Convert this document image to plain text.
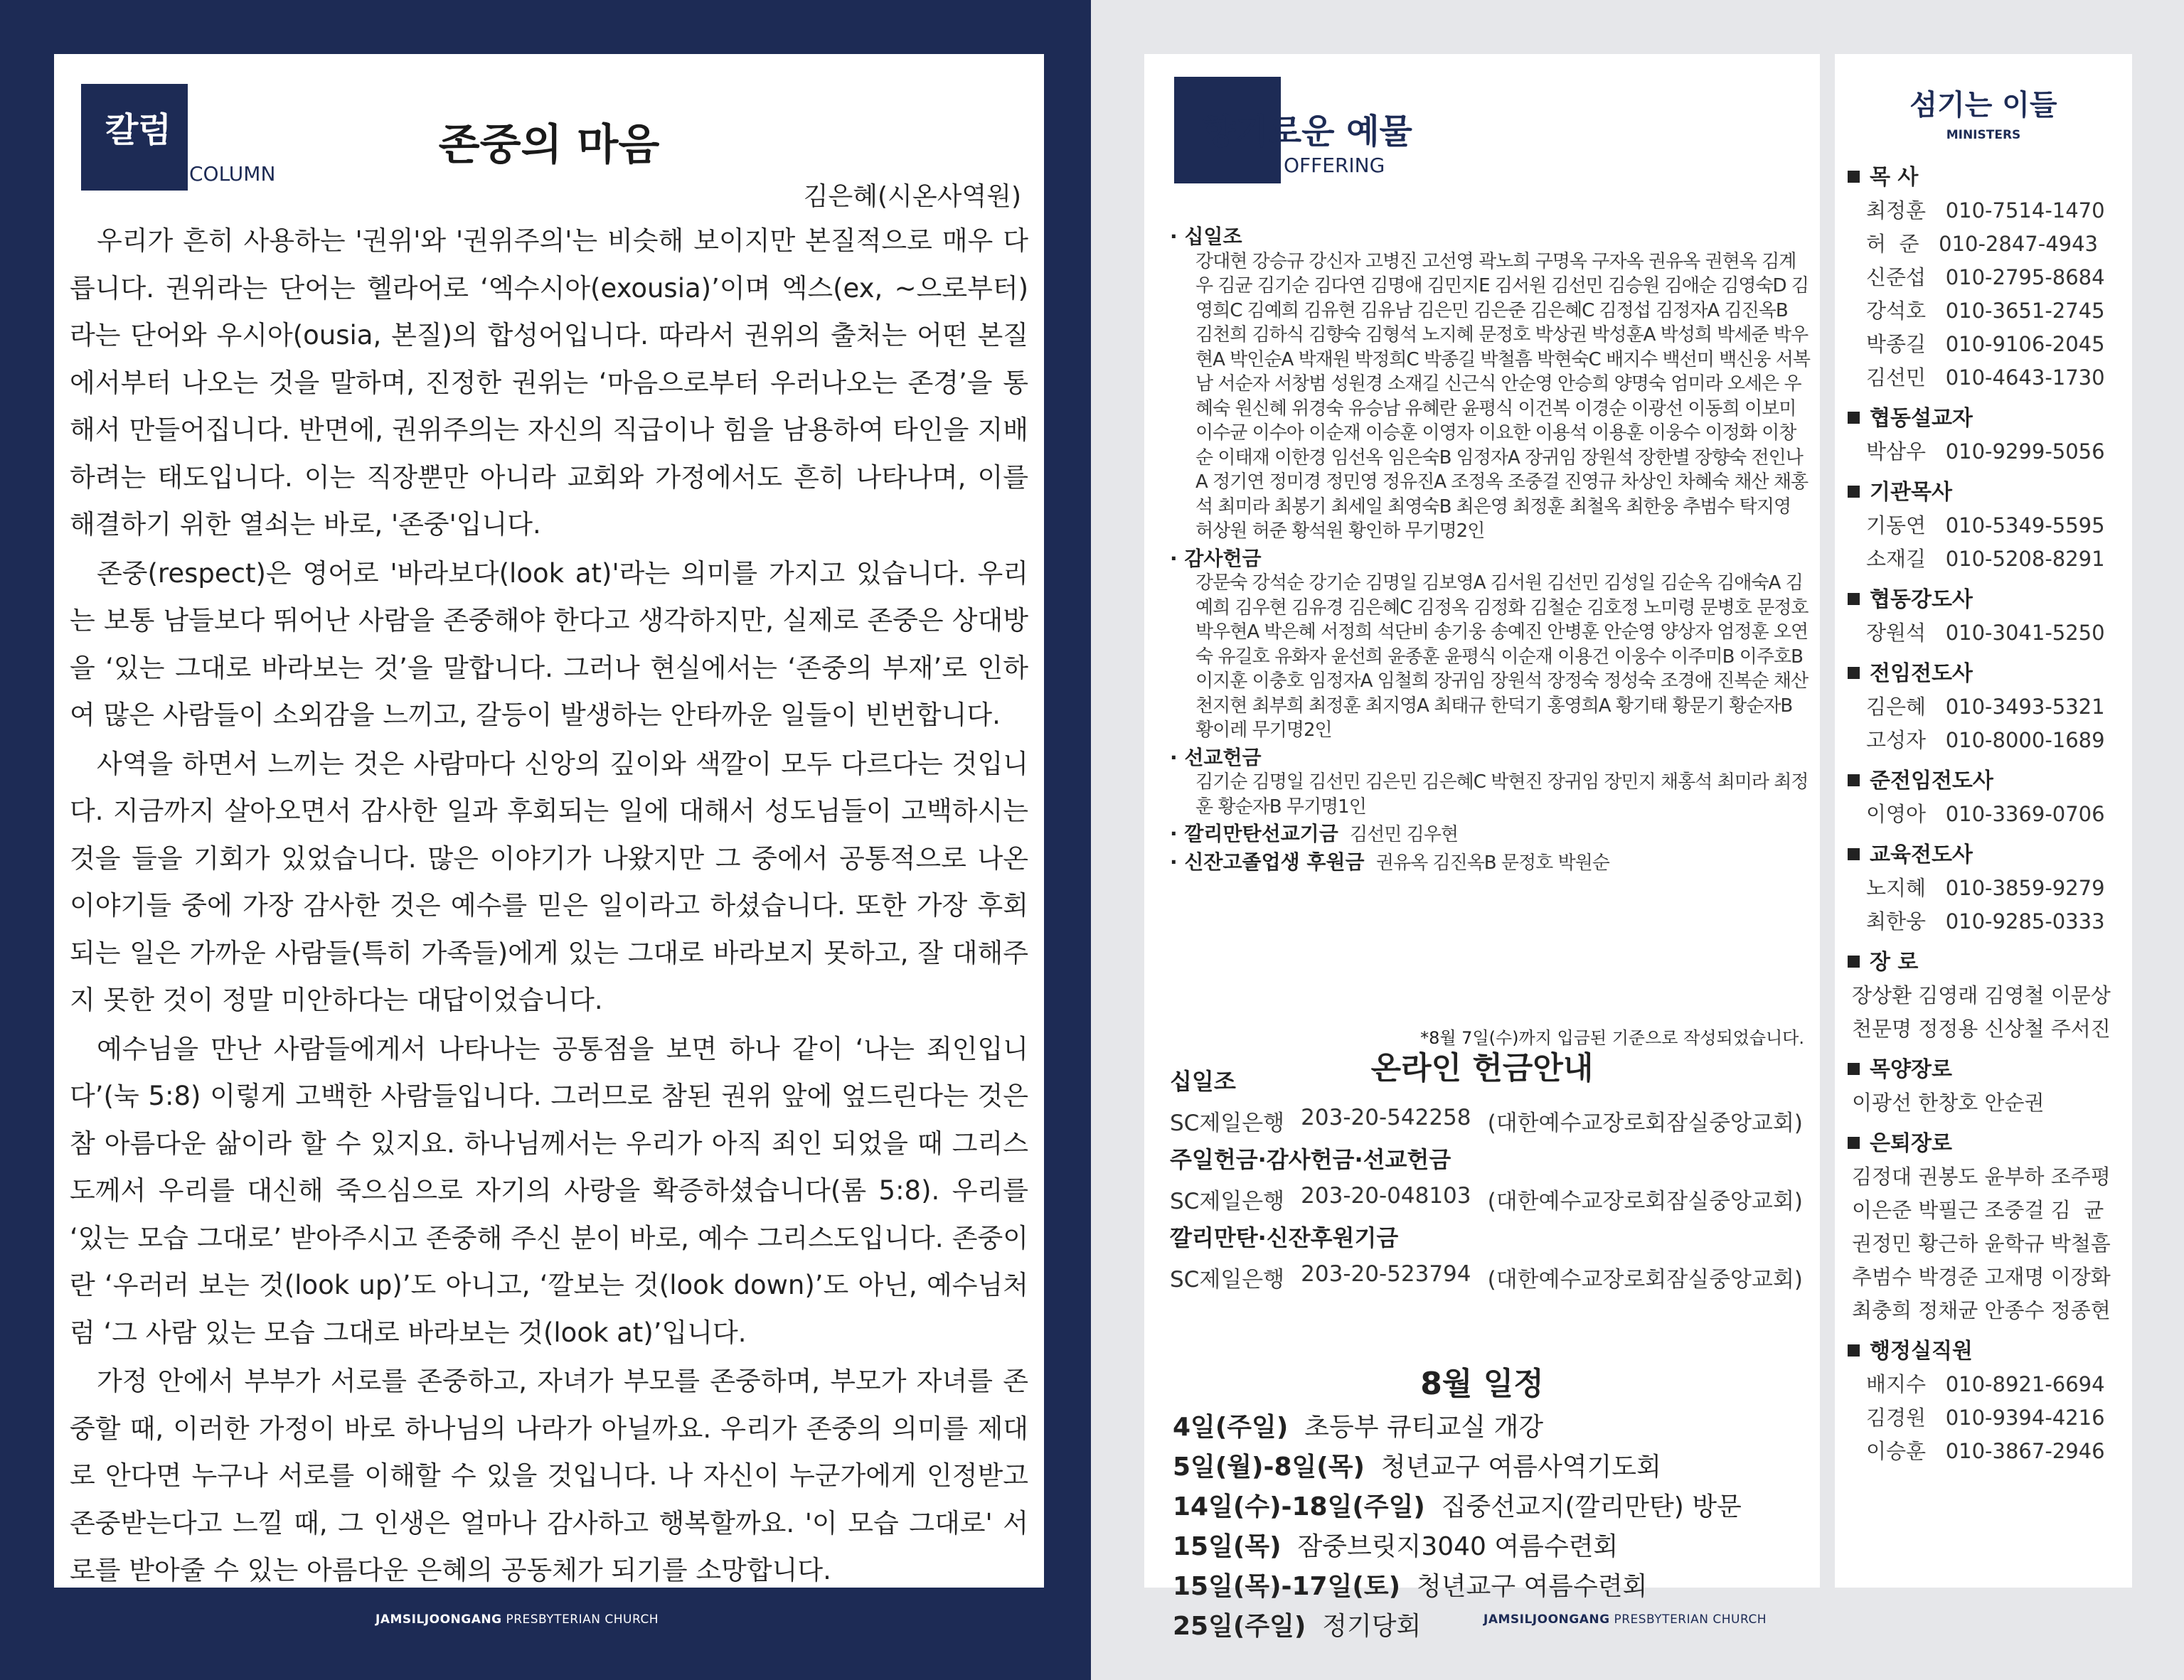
칼럼
COLUMN
존중의 마음
김은혜(시온사역원)

우리가 흔히 사용하는 '권위'와 '권위주의'는 비슷해 보이지만 본질적으로 매우 다릅니다. 권위라는 단어는 헬라어로 ‘엑수시아(exousia)’이며 엑스(ex, ~으로부터)라는 단어와 우시아(ousia, 본질)의 합성어입니다. 따라서 권위의 출처는 어떤 본질에서부터 나오는 것을 말하며, 진정한 권위는 ‘마음으로부터 우러나오는 존경’을 통해서 만들어집니다. 반면에, 권위주의는 자신의 직급이나 힘을 남용하여 타인을 지배하려는 태도입니다. 이는 직장뿐만 아니라 교회와 가정에서도 흔히 나타나며, 이를 해결하기 위한 열쇠는 바로, '존중'입니다.

존중(respect)은 영어로 '바라보다(look at)'라는 의미를 가지고 있습니다. 우리는 보통 남들보다 뛰어난 사람을 존중해야 한다고 생각하지만, 실제로 존중은 상대방을 ‘있는 그대로 바라보는 것’을 말합니다. 그러나 현실에서는 ‘존중의 부재’로 인하여 많은 사람들이 소외감을 느끼고, 갈등이 발생하는 안타까운 일들이 빈번합니다.

사역을 하면서 느끼는 것은 사람마다 신앙의 깊이와 색깔이 모두 다르다는 것입니다. 지금까지 살아오면서 감사한 일과 후회되는 일에 대해서 성도님들이 고백하시는 것을 들을 기회가 있었습니다. 많은 이야기가 나왔지만 그 중에서 공통적으로 나온 이야기들 중에 가장 감사한 것은 예수를 믿은 일이라고 하셨습니다. 또한 가장 후회되는 일은 가까운 사람들(특히 가족들)에게 있는 그대로 바라보지 못하고, 잘 대해주지 못한 것이 정말 미안하다는 대답이었습니다.

예수님을 만난 사람들에게서 나타나는 공통점을 보면 하나 같이 ‘나는 죄인입니다’(눅 5:8) 이렇게 고백한 사람들입니다. 그러므로 참된 권위 앞에 엎드린다는 것은 참 아름다운 삶이라 할 수 있지요. 하나님께서는 우리가 아직 죄인 되었을 때 그리스도께서 우리를 대신해 죽으심으로 자기의 사랑을 확증하셨습니다(롬 5:8). 우리를 ‘있는 모습 그대로’ 받아주시고 존중해 주신 분이 바로, 예수 그리스도입니다. 존중이란 ‘우러러 보는 것(look up)’도 아니고, ‘깔보는 것(look down)’도 아닌, 예수님처럼 ‘그 사람 있는 모습 그대로 바라보는 것(look at)’입니다.

가정 안에서 부부가 서로를 존중하고, 자녀가 부모를 존중하며, 부모가 자녀를 존중할 때, 이러한 가정이 바로 하나님의 나라가 아닐까요. 우리가 존중의 의미를 제대로 안다면 누구나 서로를 이해할 수 있을 것입니다. 나 자신이 누군가에게 인정받고 존중받는다고 느낄 때, 그 인생은 얼마나 감사하고 행복할까요. '이 모습 그대로' 서로를 받아줄 수 있는 아름다운 은혜의 공동체가 되기를 소망합니다.

JAMSILJOONGANG PRESBYTERIAN CHURCH
향기로운 예물
OFFERING
· 십일조
강대현 강승규 강신자 고병진 고선영 곽노희 구명옥 구자옥 권유옥 권현옥 김계우 김균 김기순 김다연 김명애 김민지E 김서원 김선민 김승원 김애순 김영숙D 김영희C 김예희 김유현 김유남 김은민 김은준 김은혜C 김정섭 김정자A 김진옥B 김천희 김하식 김향숙 김형석 노지혜 문정호 박상권 박성훈A 박성희 박세준 박우현A 박인순A 박재원 박정희C 박종길 박철흠 박현숙C 배지수 백선미 백신웅 서복남 서순자 서창범 성원경 소재길 신근식 안순영 안승희 양명숙 엄미라 오세은 우혜숙 원신혜 위경숙 유승남 유혜란 윤평식 이건복 이경순 이광선 이동희 이보미 이수균 이수아 이순재 이승훈 이영자 이요한 이용석 이용훈 이웅수 이정화 이창순 이태재 이한경 임선옥 임은숙B 임정자A 장귀임 장원석 장한별 장향숙 전인나A 정기연 정미경 정민영 정유진A 조정옥 조중걸 진영규 차상인 차혜숙 채산 채홍석 최미라 최봉기 최세일 최영숙B 최은영 최정훈 최철옥 최한웅 추범수 탁지영 허상원 허준 황석원 황인하 무기명2인
· 감사헌금
강문숙 강석순 강기순 김명일 김보영A 김서원 김선민 김성일 김순옥 김애숙A 김예희 김우현 김유경 김은혜C 김정옥 김정화 김철순 김호정 노미령 문병호 문정호 박우현A 박은혜 서정희 석단비 송기웅 송예진 안병훈 안순영 양상자 엄정훈 오연숙 유길호 유화자 윤선희 윤종훈 윤평식 이순재 이용건 이웅수 이주미B 이주호B 이지훈 이충호 임정자A 임철희 장귀임 장원석 장정숙 정성숙 조경애 진복순 채산 천지현 최부희 최정훈 최지영A 최태규 한덕기 홍영희A 황기태 황문기 황순자B 황이레 무기명2인
· 선교헌금
김기순 김명일 김선민 김은민 김은혜C 박현진 장귀임 장민지 채홍석 최미라 최정훈 황순자B 무기명1인
· 깔리만탄선교기금 김선민 김우현
· 신잔고졸업생 후원금 권유옥 김진옥B 문정호 박원순
*8월 7일(수)까지 입금된 기준으로 작성되었습니다.
온라인 헌금안내
십일조
SC제일은행 203-20-542258 (대한예수교장로회잠실중앙교회)
주일헌금·감사헌금·선교헌금
SC제일은행 203-20-048103 (대한예수교장로회잠실중앙교회)
깔리만탄·신잔후원기금
SC제일은행 203-20-523794 (대한예수교장로회잠실중앙교회)
8월 일정
4일(주일) 초등부 큐티교실 개강
5일(월)-8일(목) 청년교구 여름사역기도회
14일(수)-18일(주일) 집중선교지(깔리만탄) 방문
15일(목) 잠중브릿지3040 여름수련회
15일(목)-17일(토) 청년교구 여름수련회
25일(주일) 정기당회
섬기는 이들
MINISTERS
목 사
최정훈   010-7514-1470
허  준   010-2847-4943
신준섭   010-2795-8684
강석호   010-3651-2745
박종길   010-9106-2045
김선민   010-4643-1730
협동설교자
박삼우   010-9299-5056
기관목사
기동연   010-5349-5595
소재길   010-5208-8291
협동강도사
장원석   010-3041-5250
전임전도사
김은혜   010-3493-5321
고성자   010-8000-1689
준전임전도사
이영아   010-3369-0706
교육전도사
노지혜   010-3859-9279
최한웅   010-9285-0333
장 로
장상환 김영래 김영철 이문상
천문명 정정용 신상철 주서진
목양장로
이광선 한창호 안순권
은퇴장로
김정대 권봉도 윤부하 조주평
이은준 박필근 조중걸 김  균
권정민 황근하 윤학규 박철흠
추범수 박경준 고재명 이장화
최충희 정채균 안종수 정종현
행정실직원
배지수   010-8921-6694
김경원   010-9394-4216
이승훈   010-3867-2946
JAMSILJOONGANG PRESBYTERIAN CHURCH
